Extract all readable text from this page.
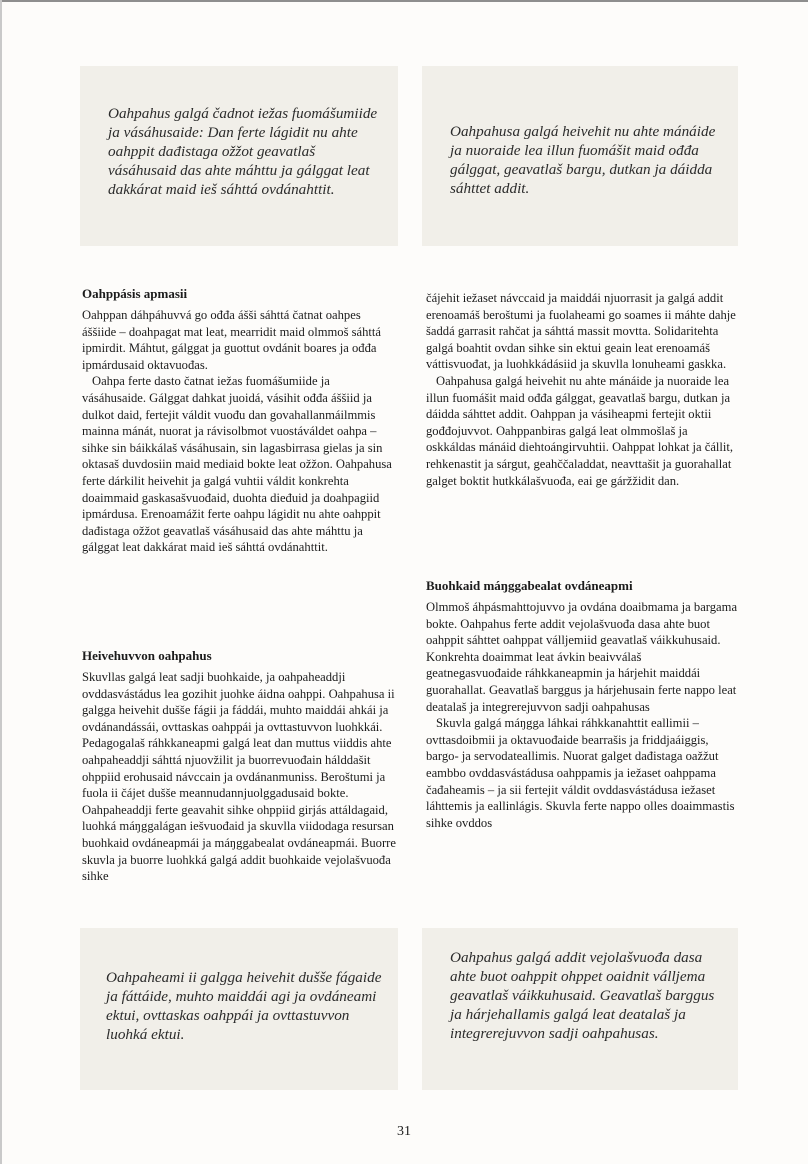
Oahpahus galgá čadnot iežas fuomášumiide ja vásáhusaide: Dan ferte lágidit nu ahte oahppit dađistaga ožžot geavatlaš vásáhusaid das ahte máhttu ja gálggat leat dakkárat maid ieš sáhttá ovdánahttit.

Oahpahusa galgá heivehit nu ahte mánáide ja nuoraide lea illun fuomášit maid ođđa gálggat, geavatlaš bargu, dutkan ja dáidda sáhttet addit.

Oahppásis apmasii

Oahppan dáhpáhuvvá go ođđa ášši sáhttá čatnat oahpes áššiide – doahpagat mat leat, mearridit maid olmmoš sáhttá ipmirdit. Máhtut, gálggat ja guottut ovdánit boares ja ođđa ipmárdusaid oktavuođas.

Oahpa ferte dasto čatnat iežas fuomášumiide ja vásáhusaide. Gálggat dahkat juoidá, vásihit ođđa áššiid ja dulkot daid, fertejit váldit vuođu dan govahallanmáilmmis mainna mánát, nuorat ja rávisolbmot vuostáváldet oahpa – sihke sin báikkálaš vásáhusain, sin lagasbirrasa gielas ja sin oktasaš duvdosiin maid mediaid bokte leat ožžon. Oahpahusa ferte dárkilit heivehit ja galgá vuhtii váldit konkrehta doaimmaid gaskasašvuođaid, duohta dieđuid ja doahpagiid ipmárdusa. Erenoamážit ferte oahpu lágidit nu ahte oahppit dađistaga ožžot geavatlaš vásáhusaid das ahte máhttu ja gálggat leat dakkárat maid ieš sáhttá ovdánahttit.

Heivehuvvon oahpahus

Skuvllas galgá leat sadji buohkaide, ja oahpaheaddji ovddasvástádus lea gozihit juohke áidna oahppi. Oahpahusa ii galgga heivehit dušše fágii ja fáddái, muhto maiddái ahkái ja ovdánandássái, ovttaskas oahppái ja ovttastuvvon luohkkái. Pedagogalaš ráhkkaneapmi galgá leat dan muttus viiddis ahte oahpaheaddji sáhttá njuovžilit ja buorrevuođain hálddašit ohppiid erohusaid návccain ja ovdánanmuniss. Beroštumi ja fuola ii čájet dušše meannudannjuolggadusaid bokte. Oahpaheaddji ferte geavahit sihke ohppiid girjás attáldagaid, luohká máŋggalágan iešvuođaid ja skuvlla viidodaga resursan buohkaid ovdáneapmái ja máŋggabealat ovdáneapmái. Buorre skuvla ja buorre luohkká galgá addit buohkaide vejolašvuođa sihke

čájehit iežaset návccaid ja maiddái njuorrasit ja galgá addit erenoamáš beroštumi ja fuolaheami go soames ii máhte dahje šaddá garrasit rahčat ja sáhttá massit movtta. Solidaritehta galgá boahtit ovdan sihke sin ektui geain leat erenoamáš váttisvuođat, ja luohkkádásiid ja skuvlla lonuheami gaskka.

Oahpahusa galgá heivehit nu ahte mánáide ja nuoraide lea illun fuomášit maid ođđa gálggat, geavatlaš bargu, dutkan ja dáidda sáhttet addit. Oahppan ja vásiheapmi fertejit oktii gođđojuvvot. Oahppanbiras galgá leat olmmošlaš ja oskkáldas mánáid diehtoángirvuhtii. Oahppat lohkat ja čállit, rehkenastit ja sárgut, geahččaladdat, neavttašit ja guorahallat galget boktit hutkkálašvuođa, eai ge gáržžidit dan.

Buohkaid máŋggabealat ovdáneapmi

Olmmoš áhpásmahttojuvvo ja ovdána doaibmama ja bargama bokte. Oahpahus ferte addit vejolašvuođa dasa ahte buot oahppit sáhttet oahppat válljemiid geavatlaš váikkuhusaid. Konkrehta doaimmat leat ávkin beaivválaš geatnegasvuođaide ráhkkaneapmin ja hárjehit maiddái guorahallat. Geavatlaš barggus ja hárjehusain ferte nappo leat deatalaš ja integrerejuvvon sadji oahpahusas

Skuvla galgá máŋgga láhkai ráhkkanahttit eallimii – ovttasdoibmii ja oktavuođaide bearrašis ja friddjaáiggis, bargo- ja servodateallimis. Nuorat galget dađistaga oažžut eambbo ovddasvástádusa oahppamis ja iežaset oahppama čađaheamis – ja sii fertejit váldit ovddasvástádusa iežaset láhttemis ja eallinlágis. Skuvla ferte nappo olles doaimmastis sihke ovddos

Oahpaheami ii galgga heivehit dušše fágaide ja fáttáide, muhto maiddái agi ja ovdáneami ektui, ovttaskas oahppái ja ovttastuvvon luohká ektui.

Oahpahus galgá addit vejolašvuođa dasa ahte buot oahppit ohppet oaidnit válljema geavatlaš váikkuhusaid. Geavatlaš barggus ja hárjehallamis galgá leat deatalaš ja integrerejuvvon sadji oahpahusas.

31
